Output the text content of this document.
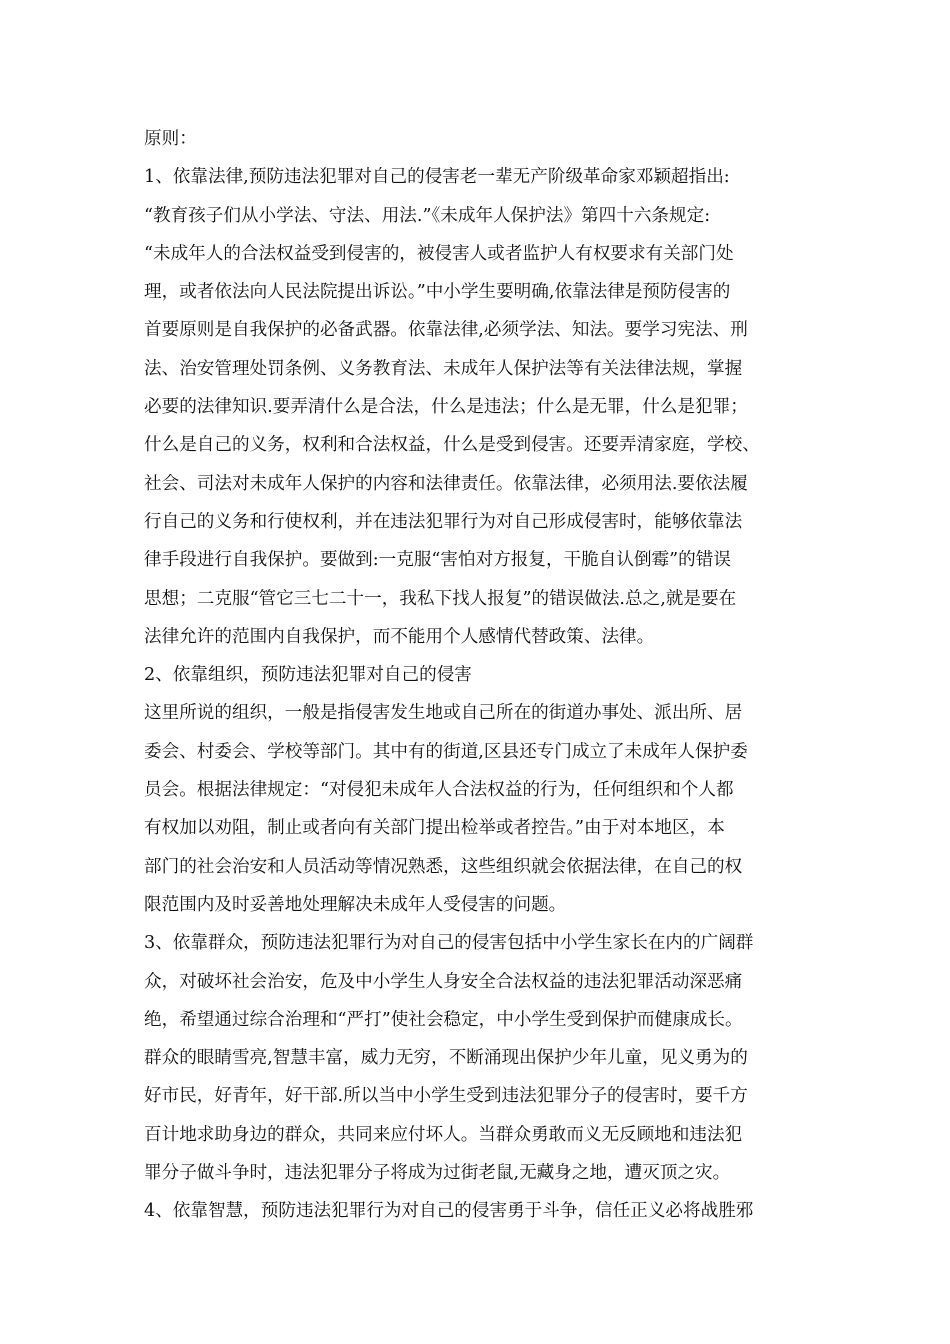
原则：
1、依靠法律,预防违法犯罪对自己的侵害老一辈无产阶级革命家邓颖超指出:
“教育孩子们从小学法、守法、用法.”《未成年人保护法》第四十六条规定:
“未成年人的合法权益受到侵害的，被侵害人或者监护人有权要求有关部门处
理，或者依法向人民法院提出诉讼。”中小学生要明确,依靠法律是预防侵害的
首要原则是自我保护的必备武器。依靠法律,必须学法、知法。要学习宪法、刑
法、治安管理处罚条例、义务教育法、未成年人保护法等有关法律法规，掌握
必要的法律知识.要弄清什么是合法，什么是违法；什么是无罪，什么是犯罪；
什么是自己的义务，权利和合法权益，什么是受到侵害。还要弄清家庭，学校、
社会、司法对未成年人保护的内容和法律责任。依靠法律，必须用法.要依法履
行自己的义务和行使权利，并在违法犯罪行为对自己形成侵害时，能够依靠法
律手段进行自我保护。要做到:一克服“害怕对方报复，干脆自认倒霉”的错误
思想；二克服“管它三七二十一，我私下找人报复”的错误做法.总之,就是要在
法律允许的范围内自我保护，而不能用个人感情代替政策、法律。
2、依靠组织，预防违法犯罪对自己的侵害
这里所说的组织，一般是指侵害发生地或自己所在的街道办事处、派出所、居
委会、村委会、学校等部门。其中有的街道,区县还专门成立了未成年人保护委
员会。根据法律规定：“对侵犯未成年人合法权益的行为，任何组织和个人都
有权加以劝阻，制止或者向有关部门提出检举或者控告。”由于对本地区，本
部门的社会治安和人员活动等情况熟悉，这些组织就会依据法律，在自己的权
限范围内及时妥善地处理解决未成年人受侵害的问题。
3、依靠群众，预防违法犯罪行为对自己的侵害包括中小学生家长在内的广阔群
众，对破坏社会治安，危及中小学生人身安全合法权益的违法犯罪活动深恶痛
绝，希望通过综合治理和“严打”使社会稳定，中小学生受到保护而健康成长。
群众的眼睛雪亮,智慧丰富，威力无穷，不断涌现出保护少年儿童，见义勇为的
好市民，好青年，好干部.所以当中小学生受到违法犯罪分子的侵害时，要千方
百计地求助身边的群众，共同来应付坏人。当群众勇敢而义无反顾地和违法犯
罪分子做斗争时，违法犯罪分子将成为过街老鼠,无藏身之地，遭灭顶之灾。
4、依靠智慧，预防违法犯罪行为对自己的侵害勇于斗争，信任正义必将战胜邪
